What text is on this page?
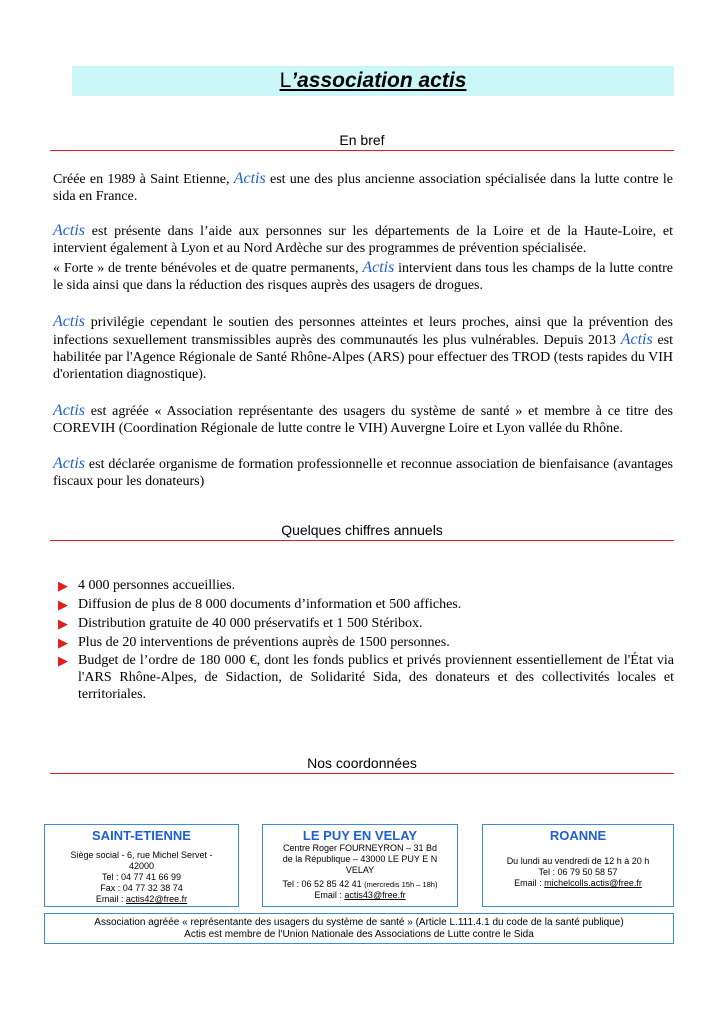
L’association actis
En bref
Créée en 1989 à Saint Etienne, Actis est une des plus ancienne association spécialisée dans la lutte contre le sida en France.
Actis est présente dans l’aide aux personnes sur les départements de la Loire et de la Haute-Loire, et intervient également à Lyon et au Nord Ardèche sur des programmes de prévention spécialisée.
« Forte » de trente bénévoles et de quatre permanents, Actis intervient dans tous les champs de la lutte contre le sida ainsi que dans la réduction des risques auprès des usagers de drogues.
Actis privilégie cependant le soutien des personnes atteintes et leurs proches, ainsi que la prévention des infections sexuellement transmissibles auprès des communautés les plus vulnérables. Depuis 2013 Actis est habilitée par l'Agence Régionale de Santé Rhône-Alpes (ARS) pour effectuer des TROD (tests rapides du VIH d'orientation diagnostique).
Actis est agréée « Association représentante des usagers du système de santé » et membre à ce titre des COREVIH (Coordination Régionale de lutte contre le VIH) Auvergne Loire et Lyon vallée du Rhône.
Actis est déclarée organisme de formation professionnelle et reconnue association de bienfaisance (avantages fiscaux pour les donateurs)
Quelques chiffres annuels
▶ 4 000 personnes accueillies.
▶ Diffusion de plus de 8 000 documents d’information et 500 affiches.
▶ Distribution gratuite de 40 000 préservatifs et 1 500 Stéribox.
▶ Plus de 20 interventions de préventions auprès de 1500 personnes.
▶ Budget de l’ordre de 180 000 €, dont les fonds publics et privés proviennent essentiellement de l'État via l'ARS Rhône-Alpes, de Sidaction, de Solidarité Sida, des donateurs et des collectivités locales et territoriales.
Nos coordonnées
SAINT-ETIENNE
Siège social - 6, rue Michel Servet -
42000
Tel : 04 77 41 66 99
Fax : 04 77 32 38 74
Email : actis42@free.fr
LE PUY EN VELAY
Centre Roger FOURNEYRON – 31 Bd
de la République – 43000 LE PUY E N
VELAY
Tel : 06 52 85 42 41 (mercredis 15h – 18h)
Email : actis43@free.fr
ROANNE
Du lundi au vendredi de 12 h à 20 h
Tel : 06 79 50 58 57
Email : michelcolls.actis@free.fr
Association agréée « représentante des usagers du système de santé » (Article L.111.4.1 du code de la santé publique)
Actis est membre de l’Union Nationale des Associations de Lutte contre le Sida
